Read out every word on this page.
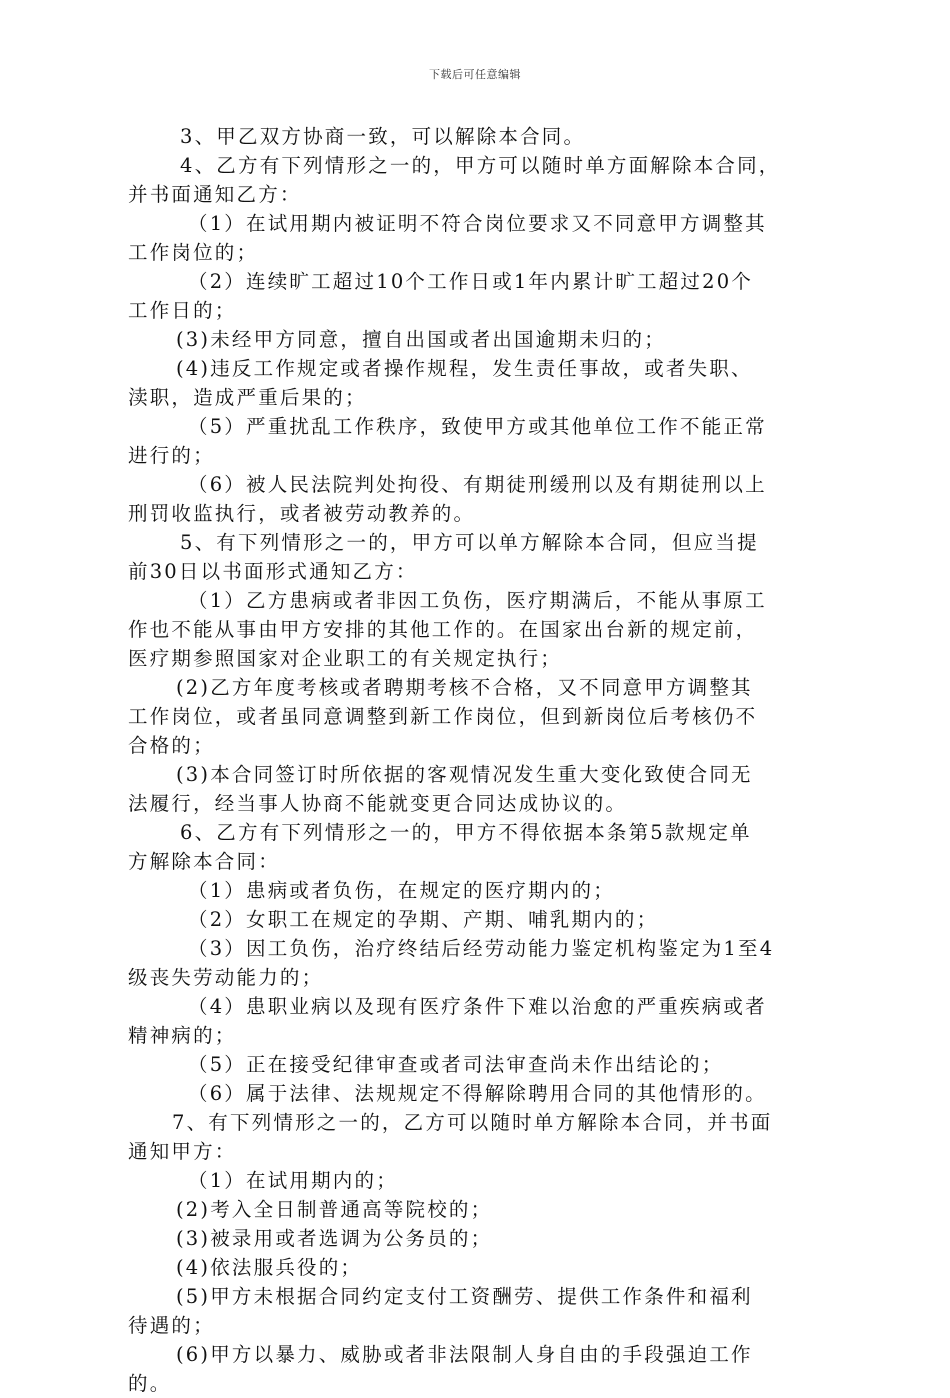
下载后可任意编辑
3、甲乙双方协商一致，可以解除本合同。
4、乙方有下列情形之一的，甲方可以随时单方面解除本合同，
并书面通知乙方：
（1）在试用期内被证明不符合岗位要求又不同意甲方调整其
工作岗位的；
（2）连续旷工超过10个工作日或1年内累计旷工超过20个
工作日的；
(3)未经甲方同意，擅自出国或者出国逾期未归的；
(4)违反工作规定或者操作规程，发生责任事故，或者失职、
渎职，造成严重后果的；
（5）严重扰乱工作秩序，致使甲方或其他单位工作不能正常
进行的；
（6）被人民法院判处拘役、有期徒刑缓刑以及有期徒刑以上
刑罚收监执行，或者被劳动教养的。
5、有下列情形之一的，甲方可以单方解除本合同，但应当提
前30日以书面形式通知乙方：
（1）乙方患病或者非因工负伤，医疗期满后，不能从事原工
作也不能从事由甲方安排的其他工作的。在国家出台新的规定前，
医疗期参照国家对企业职工的有关规定执行；
(2)乙方年度考核或者聘期考核不合格，又不同意甲方调整其
工作岗位，或者虽同意调整到新工作岗位，但到新岗位后考核仍不
合格的；
(3)本合同签订时所依据的客观情况发生重大变化致使合同无
法履行，经当事人协商不能就变更合同达成协议的。
6、乙方有下列情形之一的，甲方不得依据本条第5款规定单
方解除本合同：
（1）患病或者负伤，在规定的医疗期内的；
（2）女职工在规定的孕期、产期、哺乳期内的；
（3）因工负伤，治疗终结后经劳动能力鉴定机构鉴定为1至4
级丧失劳动能力的；
（4）患职业病以及现有医疗条件下难以治愈的严重疾病或者
精神病的；
（5）正在接受纪律审查或者司法审查尚未作出结论的；
（6）属于法律、法规规定不得解除聘用合同的其他情形的。
7、有下列情形之一的，乙方可以随时单方解除本合同，并书面
通知甲方：
（1）在试用期内的；
(2)考入全日制普通高等院校的；
(3)被录用或者选调为公务员的；
(4)依法服兵役的；
(5)甲方未根据合同约定支付工资酬劳、提供工作条件和福利
待遇的；
(6)甲方以暴力、威胁或者非法限制人身自由的手段强迫工作
的。
